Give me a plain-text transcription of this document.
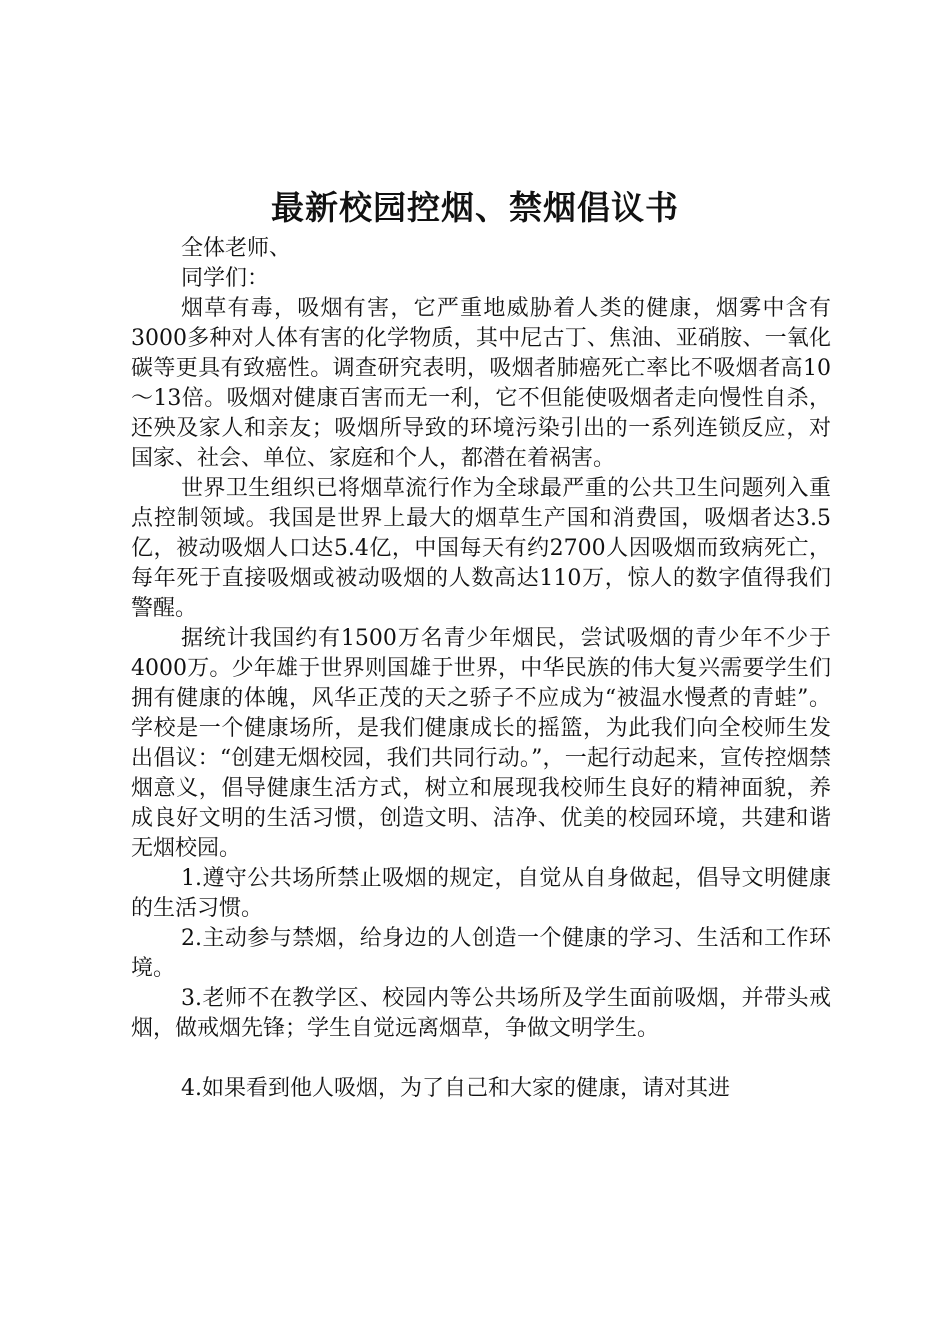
最新校园控烟、禁烟倡议书

全体老师、

同学们：

烟草有毒，吸烟有害，它严重地威胁着人类的健康，烟雾中含有3000多种对人体有害的化学物质，其中尼古丁、焦油、亚硝胺、一氧化碳等更具有致癌性。调查研究表明，吸烟者肺癌死亡率比不吸烟者高10～13倍。吸烟对健康百害而无一利，它不但能使吸烟者走向慢性自杀，还殃及家人和亲友；吸烟所导致的环境污染引出的一系列连锁反应，对国家、社会、单位、家庭和个人，都潜在着祸害。

世界卫生组织已将烟草流行作为全球最严重的公共卫生问题列入重点控制领域。我国是世界上最大的烟草生产国和消费国，吸烟者达3.5亿，被动吸烟人口达5.4亿，中国每天有约2700人因吸烟而致病死亡，每年死于直接吸烟或被动吸烟的人数高达110万，惊人的数字值得我们警醒。

据统计我国约有1500万名青少年烟民，尝试吸烟的青少年不少于4000万。少年雄于世界则国雄于世界，中华民族的伟大复兴需要学生们拥有健康的体魄，风华正茂的天之骄子不应成为“被温水慢煮的青蛙”。学校是一个健康场所，是我们健康成长的摇篮，为此我们向全校师生发出倡议：“创建无烟校园，我们共同行动。”，一起行动起来，宣传控烟禁烟意义，倡导健康生活方式，树立和展现我校师生良好的精神面貌，养成良好文明的生活习惯，创造文明、洁净、优美的校园环境，共建和谐无烟校园。

1.遵守公共场所禁止吸烟的规定，自觉从自身做起，倡导文明健康的生活习惯。

2.主动参与禁烟，给身边的人创造一个健康的学习、生活和工作环境。

3.老师不在教学区、校园内等公共场所及学生面前吸烟，并带头戒烟，做戒烟先锋；学生自觉远离烟草，争做文明学生。

4.如果看到他人吸烟，为了自己和大家的健康，请对其进
